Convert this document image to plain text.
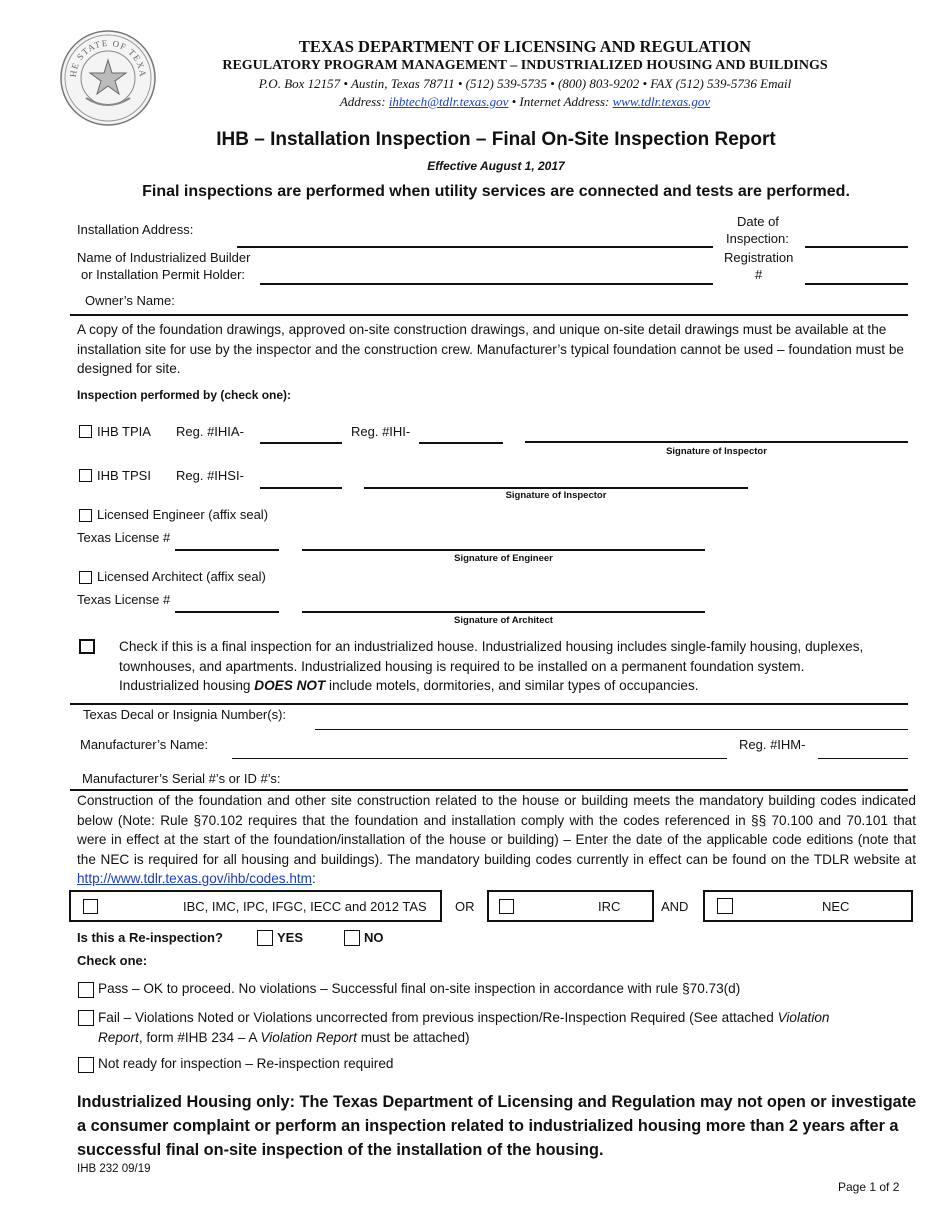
HE STATE OF TEXA
TEXAS DEPARTMENT OF LICENSING AND REGULATION
REGULATORY PROGRAM MANAGEMENT – INDUSTRIALIZED HOUSING AND BUILDINGS
P.O. Box 12157 • Austin, Texas 78711 • (512) 539-5735 • (800) 803-9202 • FAX (512) 539-5736 Email
Address: ihbtech@tdlr.texas.gov • Internet Address: www.tdlr.texas.gov
IHB – Installation Inspection – Final On-Site Inspection Report
Effective August 1, 2017
Final inspections are performed when utility services are connected and tests are performed.
Installation Address:
Date of
Inspection:
Name of Industrialized Builder
or Installation Permit Holder:
Registration
#
Owner’s Name:
A copy of the foundation drawings, approved on-site construction drawings, and unique on-site detail drawings must be available at the installation site for use by the inspector and the construction crew. Manufacturer’s typical foundation cannot be used – foundation must be designed for site.
Inspection performed by (check one):
IHB TPIA Reg. #IHIA-	Reg. #IHI-
Signature of Inspector
IHB TPSI Reg. #IHSI-
Signature of Inspector
Licensed Engineer (affix seal)
Texas License #
Signature of Engineer
Licensed Architect (affix seal)
Texas License #
Signature of Architect
Check if this is a final inspection for an industrialized house. Industrialized housing includes single-family housing, duplexes,
townhouses, and apartments. Industrialized housing is required to be installed on a permanent foundation system.
Industrialized housing DOES NOT include motels, dormitories, and similar types of occupancies.
Texas Decal or Insignia Number(s):
Manufacturer’s Name:	Reg. #IHM-
Manufacturer’s Serial #’s or ID #’s:
Construction of the foundation and other site construction related to the house or building meets the mandatory building codes indicated below (Note: Rule §70.102 requires that the foundation and installation comply with the codes referenced in §§ 70.100 and 70.101 that were in effect at the start of the foundation/installation of the house or building) – Enter the date of the applicable code editions (note that the NEC is required for all housing and buildings). The mandatory building codes currently in effect can be found on the TDLR website at http://www.tdlr.texas.gov/ihb/codes.htm:
IBC, IMC, IPC, IFGC, IECC and 2012 TAS OR	IRC	AND	NEC
Is this a Re-inspection?	YES	NO
Check one:
Pass – OK to proceed. No violations – Successful final on-site inspection in accordance with rule §70.73(d)
Fail – Violations Noted or Violations uncorrected from previous inspection/Re-Inspection Required (See attached Violation
Report, form #IHB 234 – A Violation Report must be attached)
Not ready for inspection – Re-inspection required
Industrialized Housing only: The Texas Department of Licensing and Regulation may not open or investigate a consumer complaint or perform an inspection related to industrialized housing more than 2 years after a successful final on-site inspection of the installation of the housing.
IHB 232 09/19
Page 1 of 2
